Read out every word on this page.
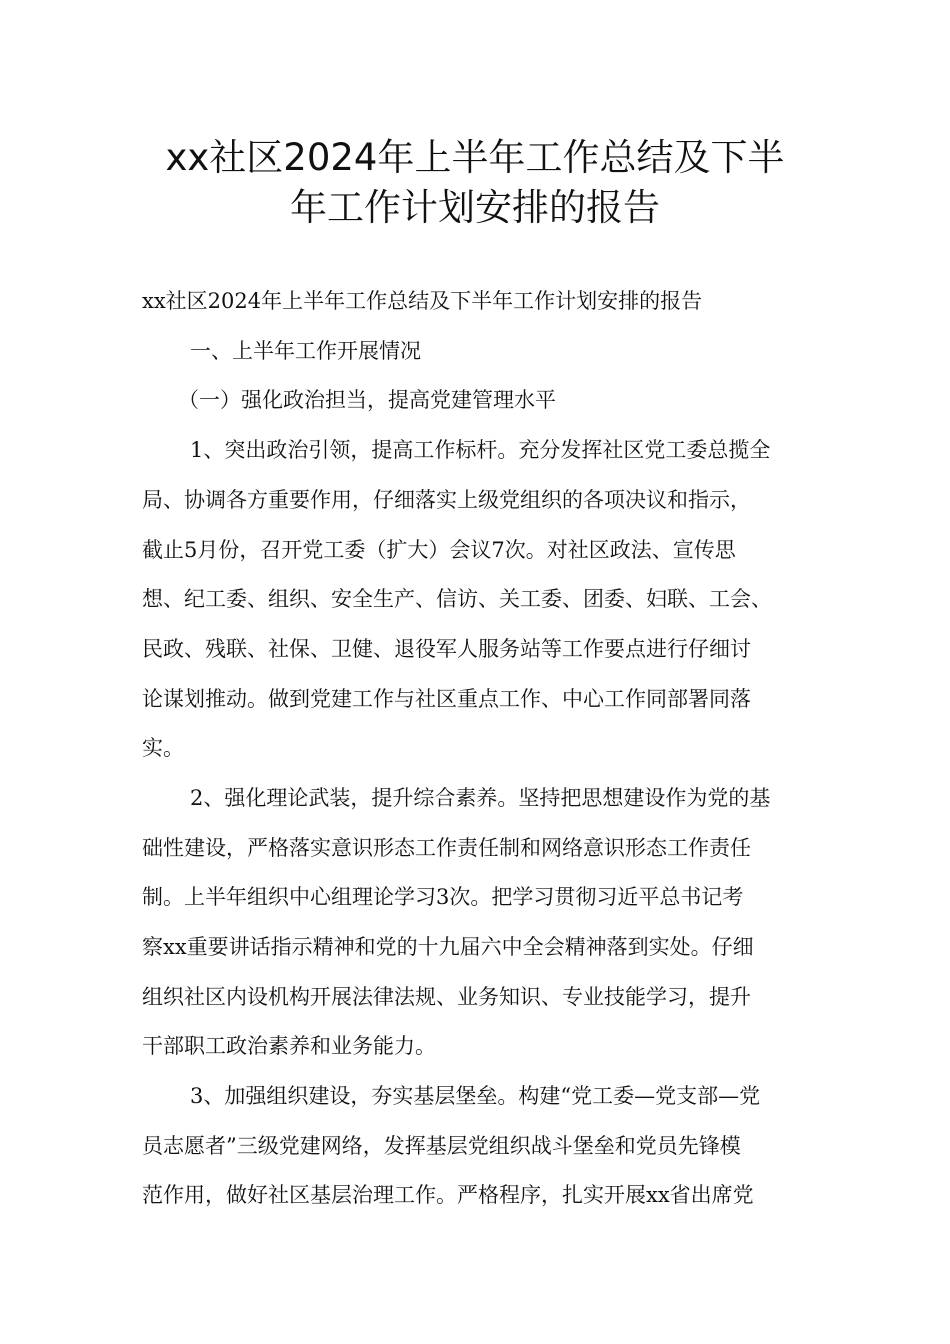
xx社区2024年上半年工作总结及下半
年工作计划安排的报告

xx社区2024年上半年工作总结及下半年工作计划安排的报告

一、上半年工作开展情况

（一）强化政治担当，提高党建管理水平

1、突出政治引领，提高工作标杆。充分发挥社区党工委总揽全

局、协调各方重要作用，仔细落实上级党组织的各项决议和指示，

截止5月份，召开党工委（扩大）会议7次。对社区政法、宣传思

想、纪工委、组织、安全生产、信访、关工委、团委、妇联、工会、

民政、残联、社保、卫健、退役军人服务站等工作要点进行仔细讨

论谋划推动。做到党建工作与社区重点工作、中心工作同部署同落

实。

2、强化理论武装，提升综合素养。坚持把思想建设作为党的基

础性建设，严格落实意识形态工作责任制和网络意识形态工作责任

制。上半年组织中心组理论学习3次。把学习贯彻习近平总书记考

察xx重要讲话指示精神和党的十九届六中全会精神落到实处。仔细

组织社区内设机构开展法律法规、业务知识、专业技能学习，提升

干部职工政治素养和业务能力。

3、加强组织建设，夯实基层堡垒。构建“党工委—党支部—党

员志愿者”三级党建网络，发挥基层党组织战斗堡垒和党员先锋模

范作用，做好社区基层治理工作。严格程序，扎实开展xx省出席党
